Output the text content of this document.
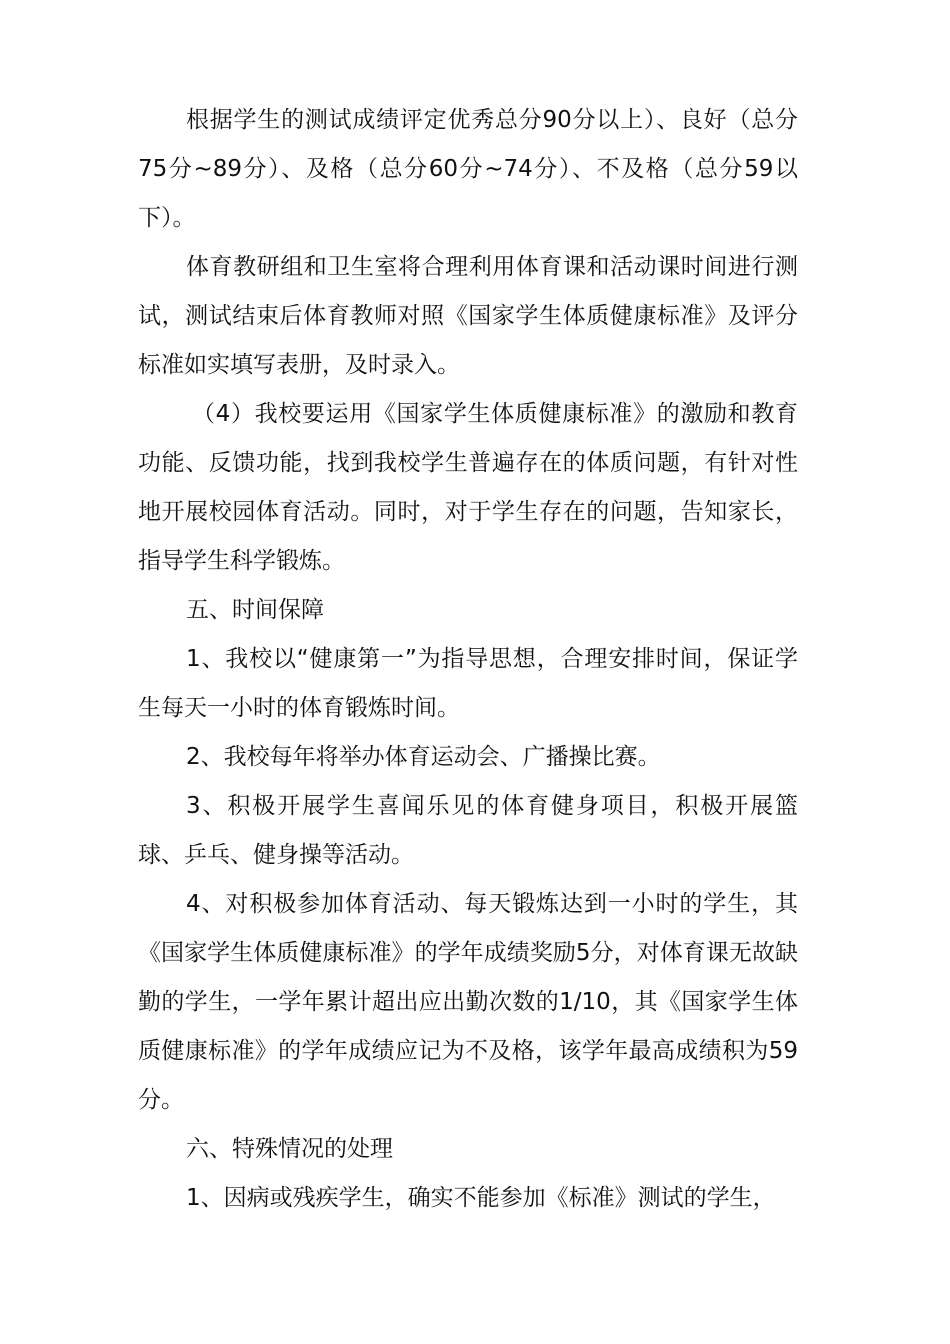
根据学生的测试成绩评定优秀总分90分以上）、良好（总分75分~89分）、及格（总分60分~74分）、不及格（总分59以下）。

体育教研组和卫生室将合理利用体育课和活动课时间进行测试，测试结束后体育教师对照《国家学生体质健康标准》及评分标准如实填写表册，及时录入。

（4）我校要运用《国家学生体质健康标准》的激励和教育功能、反馈功能，找到我校学生普遍存在的体质问题，有针对性地开展校园体育活动。同时，对于学生存在的问题，告知家长，指导学生科学锻炼。

五、时间保障

1、我校以“健康第一”为指导思想，合理安排时间，保证学生每天一小时的体育锻炼时间。

2、我校每年将举办体育运动会、广播操比赛。

3、积极开展学生喜闻乐见的体育健身项目，积极开展篮球、乒乓、健身操等活动。

4、对积极参加体育活动、每天锻炼达到一小时的学生，其《国家学生体质健康标准》的学年成绩奖励5分，对体育课无故缺勤的学生，一学年累计超出应出勤次数的1/10，其《国家学生体质健康标准》的学年成绩应记为不及格，该学年最高成绩积为59分。

六、特殊情况的处理

1、因病或残疾学生，确实不能参加《标准》测试的学生，
